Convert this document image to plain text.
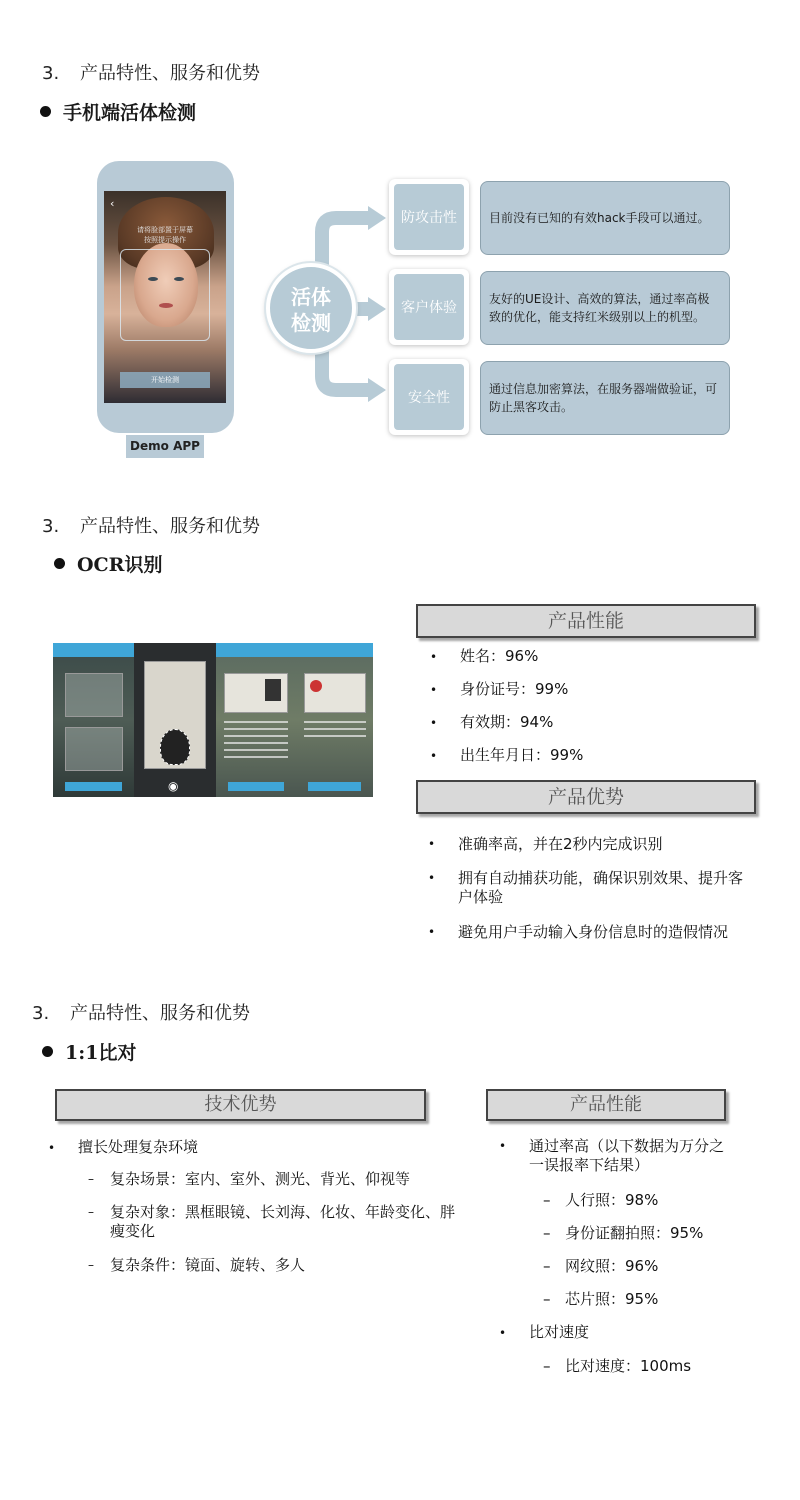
3. 产品特性、服务和优势
手机端活体检测
请将脸部置于屏幕
按照提示操作
‹
开始检测
Demo APP
活体
检测
防攻击性
客户体验
安全性
目前没有已知的有效hack手段可以通过。
友好的UE设计、高效的算法，通过率高极致的优化，能支持红米级别以上的机型。
通过信息加密算法，在服务器端做验证，可防止黑客攻击。
3. 产品特性、服务和优势
OCR识别
◉
产品性能
• 姓名：96%
• 身份证号：99%
• 有效期：94%
• 出生年月日：99%
产品优势
• 准确率高，并在2秒内完成识别
• 拥有自动捕获功能，确保识别效果、提升客户体验
• 避免用户手动输入身份信息时的造假情况
3. 产品特性、服务和优势
1:1比对
技术优势
• 擅长处理复杂环境
– 复杂场景：室内、室外、测光、背光、仰视等
– 复杂对象：黑框眼镜、长刘海、化妆、年龄变化、胖瘦变化
– 复杂条件：镜面、旋转、多人
产品性能
• 通过率高（以下数据为万分之一误报率下结果）
– 人行照：98%
– 身份证翻拍照：95%
– 网纹照：96%
– 芯片照：95%
• 比对速度
– 比对速度：100ms
